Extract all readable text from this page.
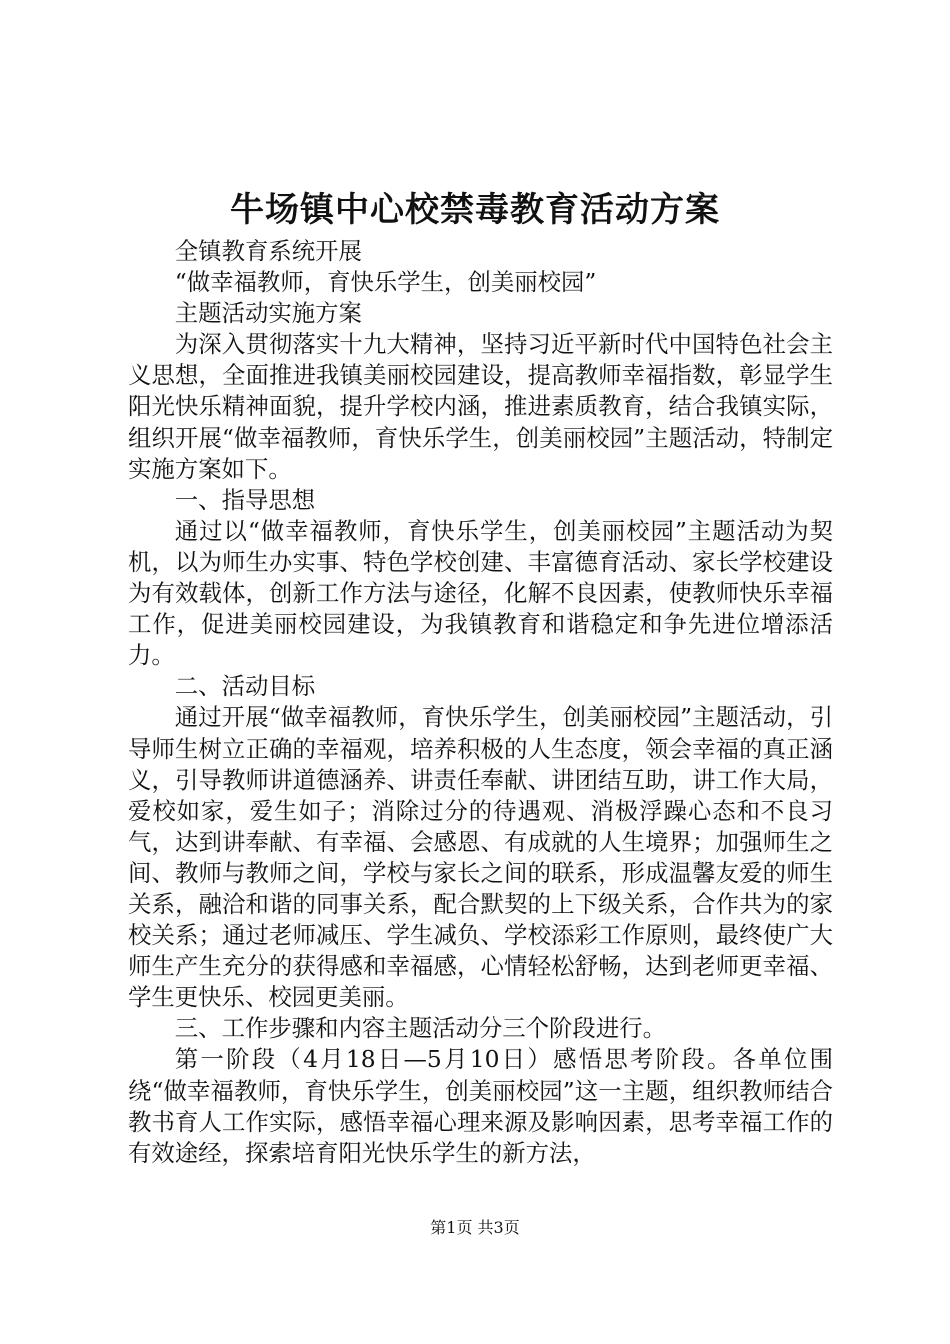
牛场镇中心校禁毒教育活动方案

全镇教育系统开展

“做幸福教师，育快乐学生，创美丽校园”

主题活动实施方案

为深入贯彻落实十九大精神，坚持习近平新时代中国特色社会主义思想，全面推进我镇美丽校园建设，提高教师幸福指数，彰显学生阳光快乐精神面貌，提升学校内涵，推进素质教育，结合我镇实际，组织开展“做幸福教师，育快乐学生，创美丽校园”主题活动，特制定实施方案如下。

一、指导思想

通过以“做幸福教师，育快乐学生，创美丽校园”主题活动为契机，以为师生办实事、特色学校创建、丰富德育活动、家长学校建设为有效载体，创新工作方法与途径，化解不良因素，使教师快乐幸福工作，促进美丽校园建设，为我镇教育和谐稳定和争先进位增添活力。

二、活动目标

通过开展“做幸福教师，育快乐学生，创美丽校园”主题活动，引导师生树立正确的幸福观，培养积极的人生态度，领会幸福的真正涵义，引导教师讲道德涵养、讲责任奉献、讲团结互助，讲工作大局，爱校如家，爱生如子；消除过分的待遇观、消极浮躁心态和不良习气，达到讲奉献、有幸福、会感恩、有成就的人生境界；加强师生之间、教师与教师之间，学校与家长之间的联系，形成温馨友爱的师生关系，融洽和谐的同事关系，配合默契的上下级关系，合作共为的家校关系；通过老师减压、学生减负、学校添彩工作原则，最终使广大师生产生充分的获得感和幸福感，心情轻松舒畅，达到老师更幸福、学生更快乐、校园更美丽。

三、工作步骤和内容主题活动分三个阶段进行。

第一阶段（4月18日—5月10日）感悟思考阶段。各单位围绕“做幸福教师，育快乐学生，创美丽校园”这一主题，组织教师结合教书育人工作实际，感悟幸福心理来源及影响因素，思考幸福工作的有效途经，探索培育阳光快乐学生的新方法，

第1页 共3页
